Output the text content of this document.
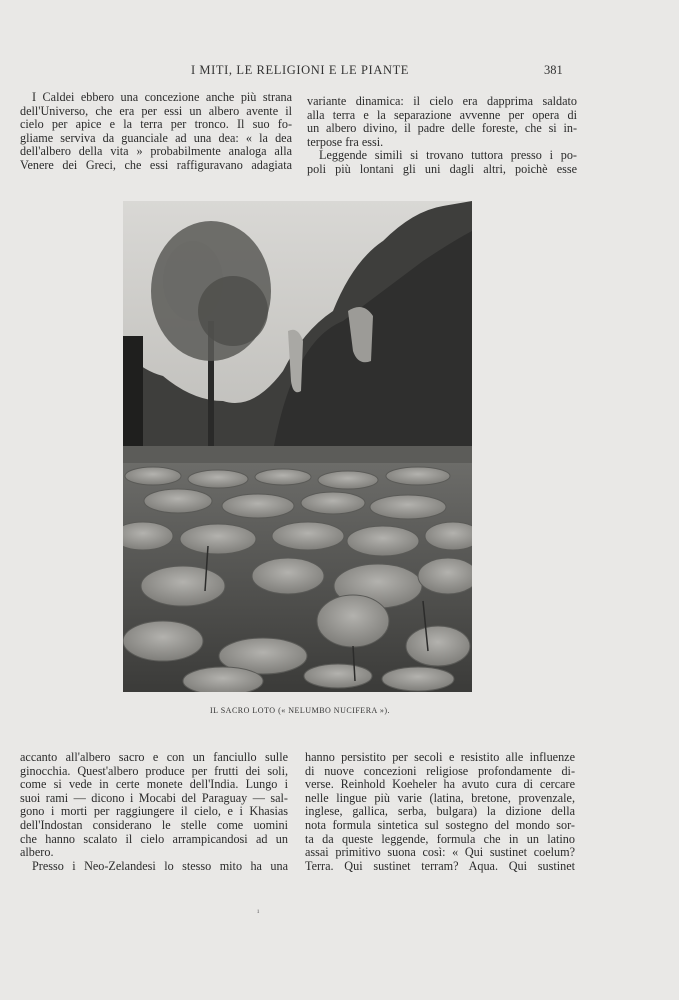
I MITI, LE RELIGIONI E LE PIANTE	381
I Caldei ebbero una concezione anche più strana
dell'Universo, che era per essi un albero avente il
cielo per apice e la terra per tronco. Il suo fo-
gliame serviva da guanciale ad una dea: « la dea
dell'albero della vita » probabilmente analoga alla
Venere dei Greci, che essi raffiguravano adagiata
variante dinamica: il cielo era dapprima saldato
alla terra e la separazione avvenne per opera di
un albero divino, il padre delle foreste, che si in-
terpose fra essi.
Leggende simili si trovano tuttora presso i po-
poli più lontani gli uni dagli altri, poichè esse
IL SACRO LOTO (« NELUMBO NUCIFERA »).
accanto all'albero sacro e con un fanciullo sulle
ginocchia. Quest'albero produce per frutti dei soli,
come si vede in certe monete dell'India. Lungo i
suoi rami — dicono i Mocabi del Paraguay — sal-
gono i morti per raggiungere il cielo, e i Khasias
dell'Indostan considerano le stelle come uomini
che hanno scalato il cielo arrampicandosi ad un
albero.
Presso i Neo-Zelandesi lo stesso mito ha una
hanno persistito per secoli e resistito alle influenze
di nuove concezioni religiose profondamente di-
verse. Reinhold Koeheler ha avuto cura di cercare
nelle lingue più varie (latina, bretone, provenzale,
inglese, gallica, serba, bulgara) la dizione della
nota formula sintetica sul sostegno del mondo sor-
ta da queste leggende, formula che in un latino
assai primitivo suona così: « Qui sustinet coelum?
Terra. Qui sustinet terram? Aqua. Qui sustinet
¹
